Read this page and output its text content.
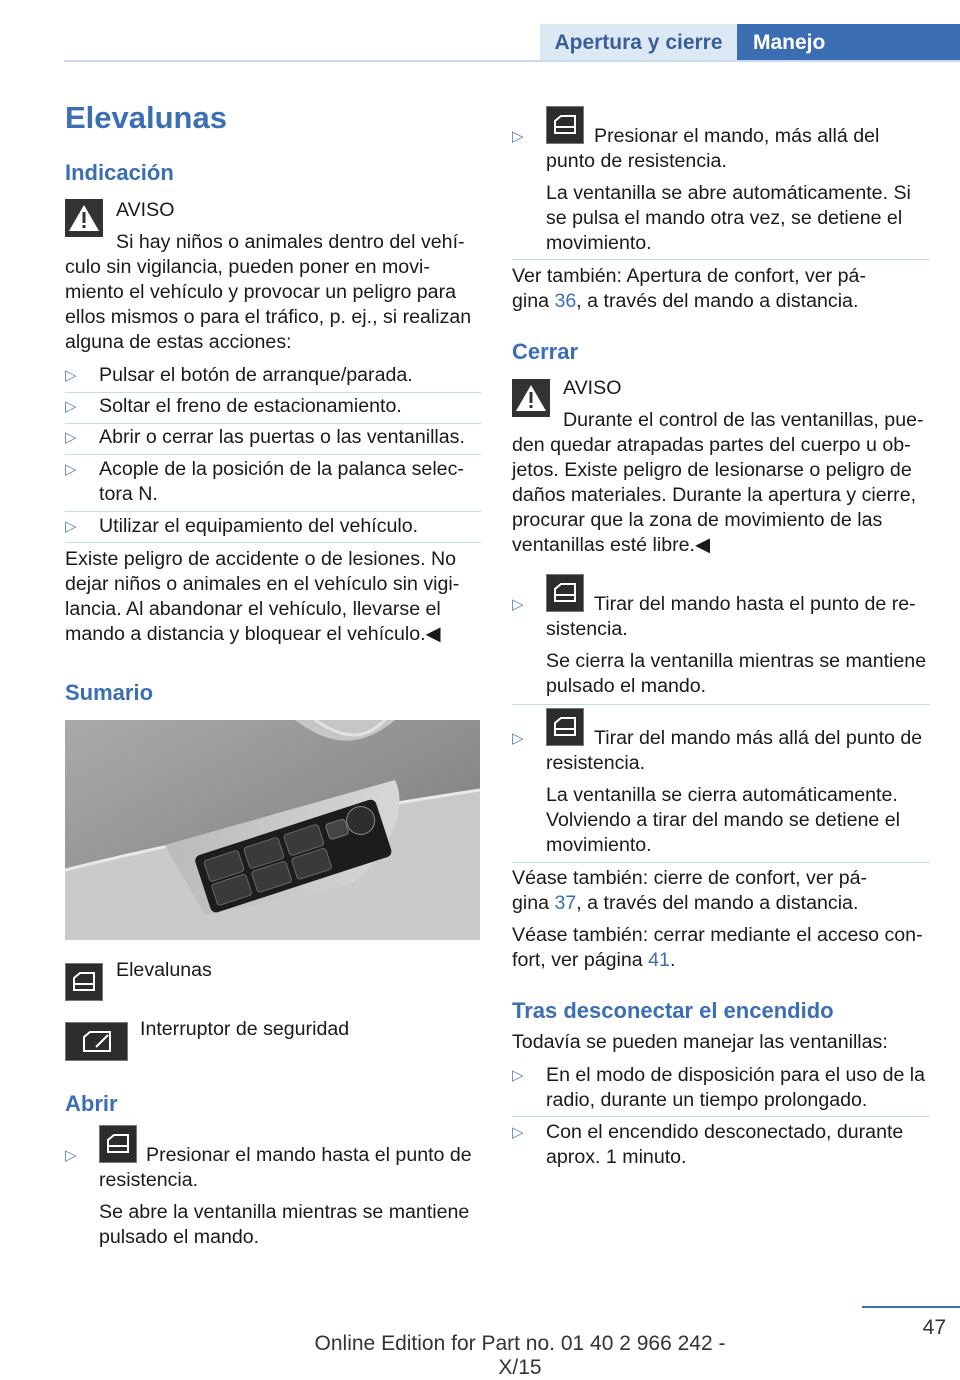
Apertura y cierre	Manejo
Elevalunas
Indicación
AVISO
Si hay niños o animales dentro del vehí‐
culo sin vigilancia, pueden poner en movi‐
miento el vehículo y provocar un peligro para
ellos mismos o para el tráfico, p. ej., si realizan
alguna de estas acciones:
▷ Pulsar el botón de arranque/parada.
▷ Soltar el freno de estacionamiento.
▷ Abrir o cerrar las puertas o las ventanillas.
▷ Acople de la posición de la palanca selec‐
tora N.
▷ Utilizar el equipamiento del vehículo.
Existe peligro de accidente o de lesiones. No
dejar niños o animales en el vehículo sin vigi‐
lancia. Al abandonar el vehículo, llevarse el
mando a distancia y bloquear el vehículo.◀
Sumario
Elevalunas
Interruptor de seguridad
Abrir
▷	Presionar el mando hasta el punto de
resistencia.
Se abre la ventanilla mientras se mantiene
pulsado el mando.
▷	Presionar el mando, más allá del
punto de resistencia.
La ventanilla se abre automáticamente. Si
se pulsa el mando otra vez, se detiene el
movimiento.
Ver también: Apertura de confort, ver pá‐
gina 36, a través del mando a distancia.
Cerrar
AVISO
Durante el control de las ventanillas, pue‐
den quedar atrapadas partes del cuerpo u ob‐
jetos. Existe peligro de lesionarse o peligro de
daños materiales. Durante la apertura y cierre,
procurar que la zona de movimiento de las
ventanillas esté libre.◀
▷	Tirar del mando hasta el punto de re‐
sistencia.
Se cierra la ventanilla mientras se mantiene
pulsado el mando.
▷	Tirar del mando más allá del punto de
resistencia.
La ventanilla se cierra automáticamente.
Volviendo a tirar del mando se detiene el
movimiento.
Véase también: cierre de confort, ver pá‐
gina 37, a través del mando a distancia.
Véase también: cerrar mediante el acceso con‐
fort, ver página 41.
Tras desconectar el encendido
Todavía se pueden manejar las ventanillas:
▷ En el modo de disposición para el uso de la
radio, durante un tiempo prolongado.
▷ Con el encendido desconectado, durante
aprox. 1 minuto.
47
Online Edition for Part no. 01 40 2 966 242 - X/15
